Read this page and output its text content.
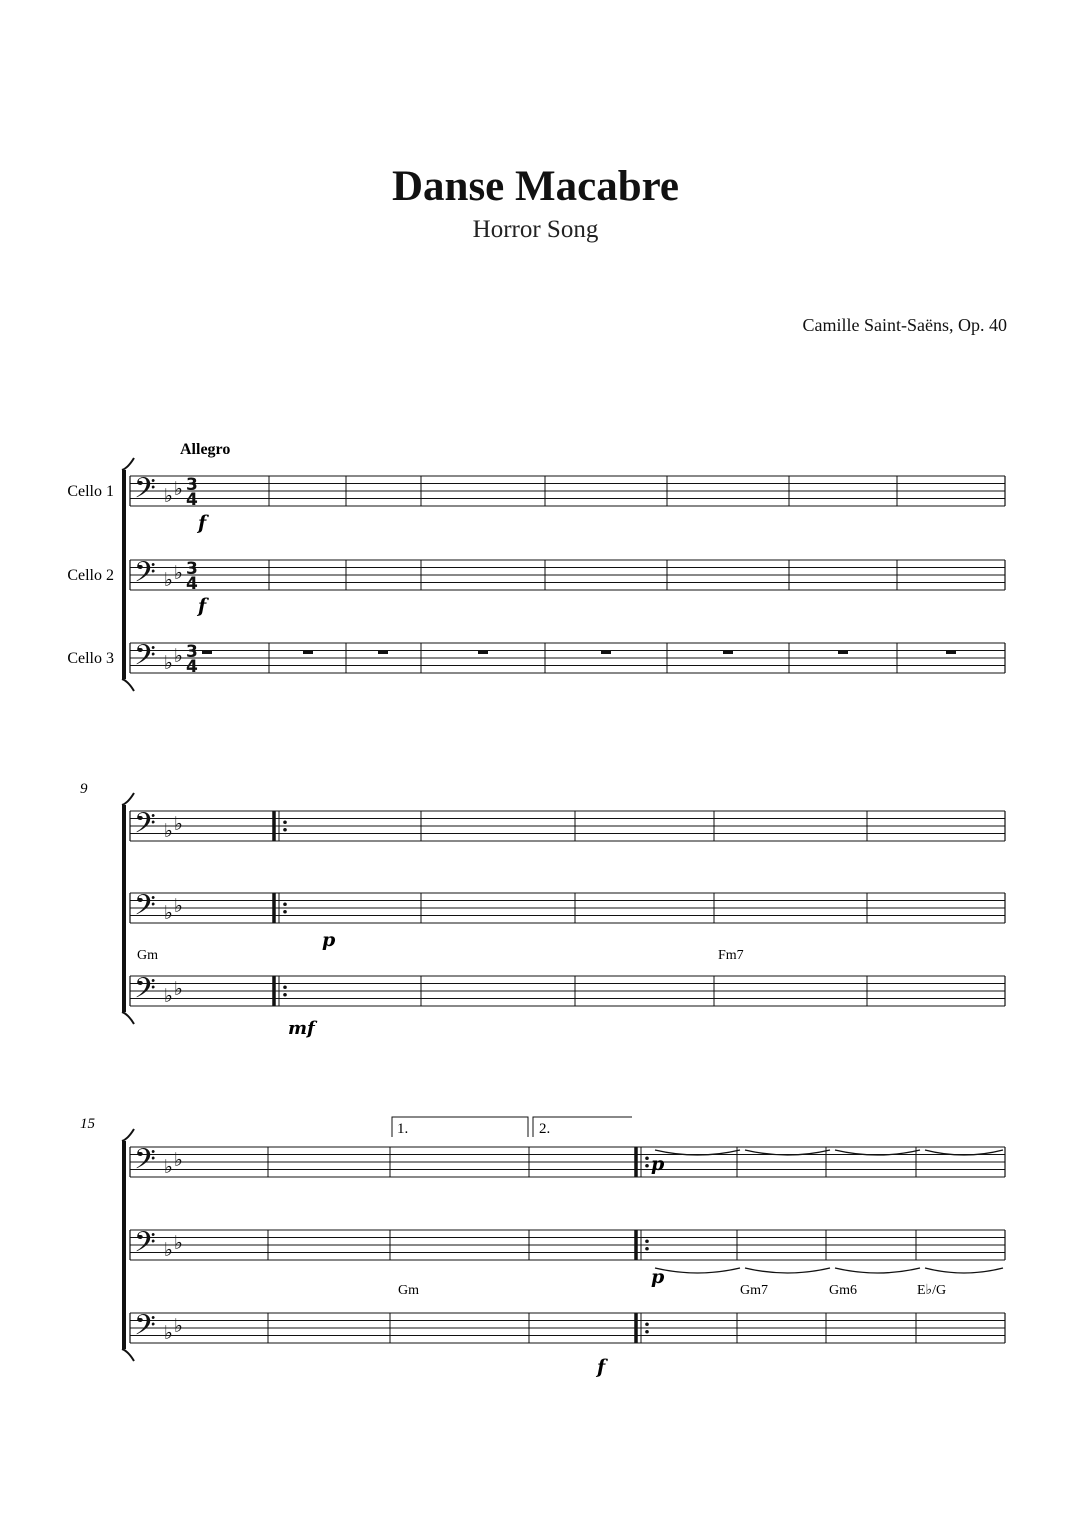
Danse Macabre
Horror Song
Camille Saint-Saëns, Op. 40
𝄢 ♭ ♭ 3
4
𝄢 ♭ ♭ 3
4
𝄢 ♭ ♭ 3
4
𝄢 ♭ ♭
𝄢 ♭ ♭
𝄢 ♭ ♭
𝄢 ♭ ♭
𝄢 ♭ ♭
𝄢 ♭ ♭
Allegro
Cello 1
Cello 2
Cello 3
9
15	1.	2.
Gm	Fm7
Gm	Gm7	Gm6	E♭/G
f
f
p
mf
p
p
f
